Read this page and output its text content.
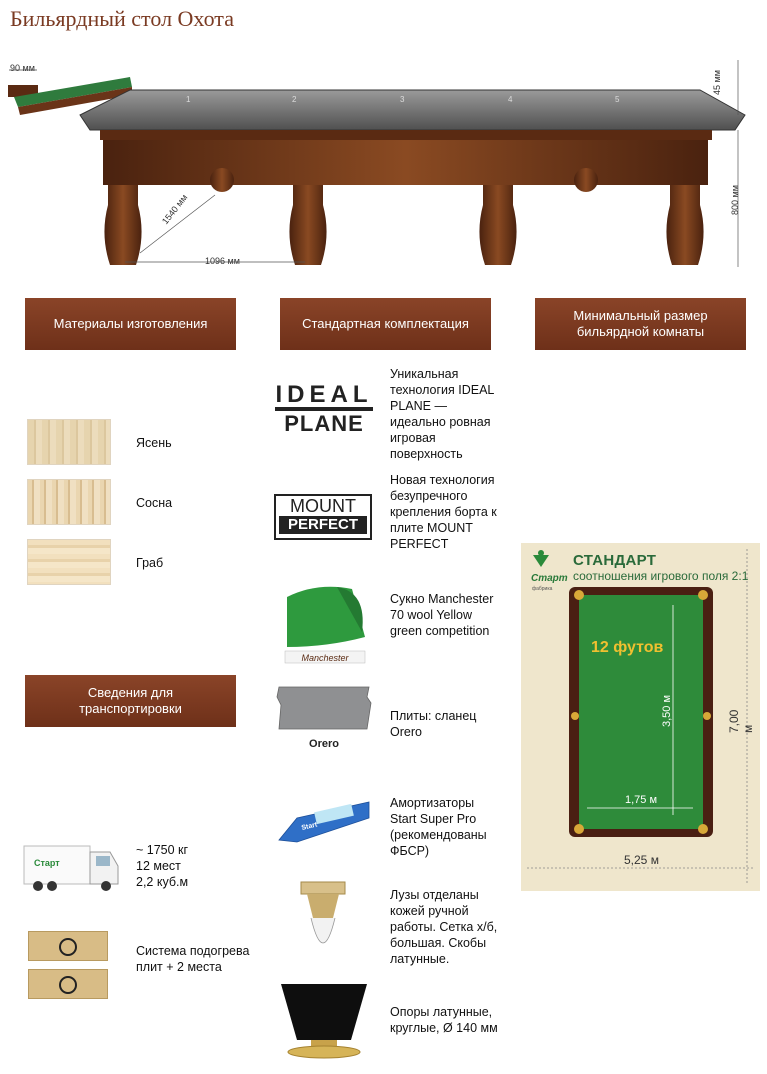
Бильярдный стол Охота
1	2	3	4	5
90 мм
45 мм
800 мм
1540 мм
1096 мм
Материалы изготовления	Стандартная комплектация
Минимальный размер бильярдной комнаты
Сведения для транспортировки
Ясень
Сосна
Граб
IDEAL
PLANE
MOUNT
PERFECT
Manchester
Orero
Start
Уникальная технология IDEAL PLANE — идеально ровная игровая поверхность
Новая технология безупречного крепления борта к плите MOUNT PERFECT
Сукно Manchester 70 wool Yellow green competition
Плиты: сланец Orero
Амортизаторы Start Super Pro (рекомендованы ФБСР)
Лузы отделаны кожей ручной работы. Сетка х/б, большая. Скобы латунные.
Опоры латунные, круглые, Ø 140 мм
Старт
~ 1750 кг
12 мест
2,2 куб.м
Система подогрева плит + 2 места
Старт
фабрика
СТАНДАРТ
соотношения игрового поля 2:1
12 футов
3,50 м
1,75 м
7,00 м
5,25 м
